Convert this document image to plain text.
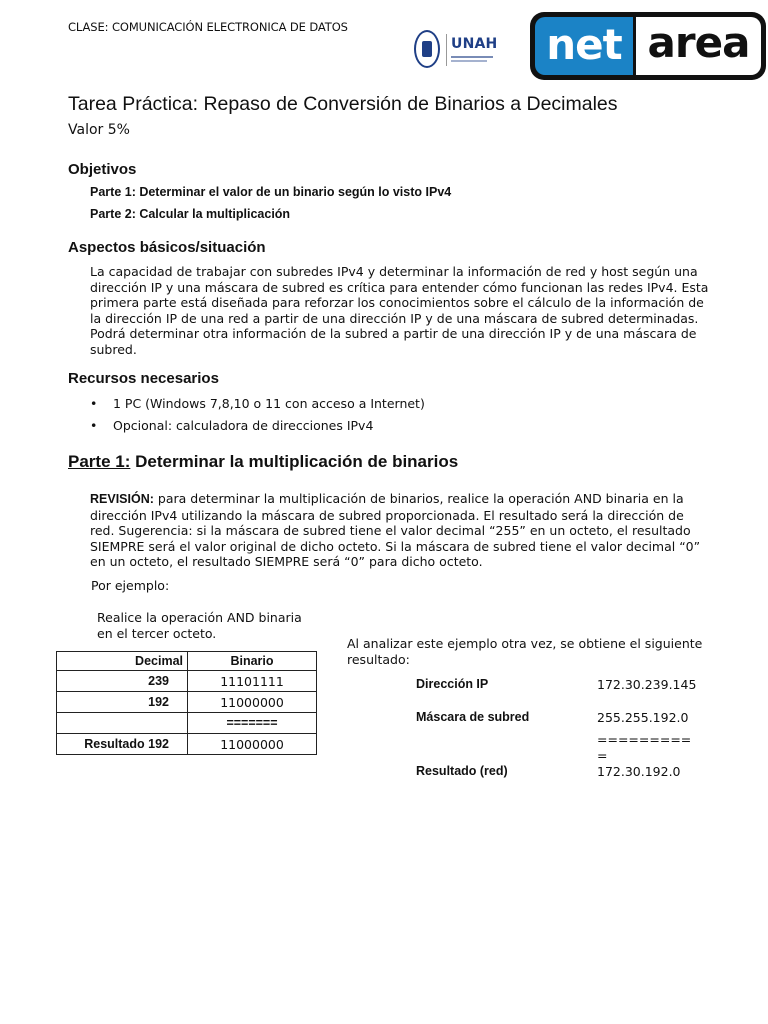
CLASE: COMUNICACIÓN ELECTRONICA DE DATOS
UNAH net area
Tarea Práctica: Repaso de Conversión de Binarios a Decimales
Valor 5%
Objetivos
Parte 1: Determinar el valor de un binario según lo visto IPv4
Parte 2: Calcular la multiplicación
Aspectos básicos/situación
La capacidad de trabajar con subredes IPv4 y determinar la información de red y host según una dirección IP y una máscara de subred es crítica para entender cómo funcionan las redes IPv4. Esta primera parte está diseñada para reforzar los conocimientos sobre el cálculo de la información de la dirección IP de una red a partir de una dirección IP y de una máscara de subred determinadas. Podrá determinar otra información de la subred a partir de una dirección IP y de una máscara de subred.
Recursos necesarios
• 1 PC (Windows 7,8,10 o 11 con acceso a Internet)
• Opcional: calculadora de direcciones IPv4
Parte 1: Determinar la multiplicación de binarios
REVISIÓN: para determinar la multiplicación de binarios, realice la operación AND binaria en la dirección IPv4 utilizando la máscara de subred proporcionada. El resultado será la dirección de red. Sugerencia: si la máscara de subred tiene el valor decimal “255” en un octeto, el resultado SIEMPRE será el valor original de dicho octeto. Si la máscara de subred tiene el valor decimal “0” en un octeto, el resultado SIEMPRE será “0” para dicho octeto.
Por ejemplo:
Realice la operación AND binaria en el tercer octeto.
Decimal	Binario
239	11101111
192	11000000
	=======
Resultado 192	11000000
Al analizar este ejemplo otra vez, se obtiene el siguiente resultado:
Dirección IP	172.30.239.145
Máscara de subred	255.255.192.0
=========
=
Resultado (red)	172.30.192.0
